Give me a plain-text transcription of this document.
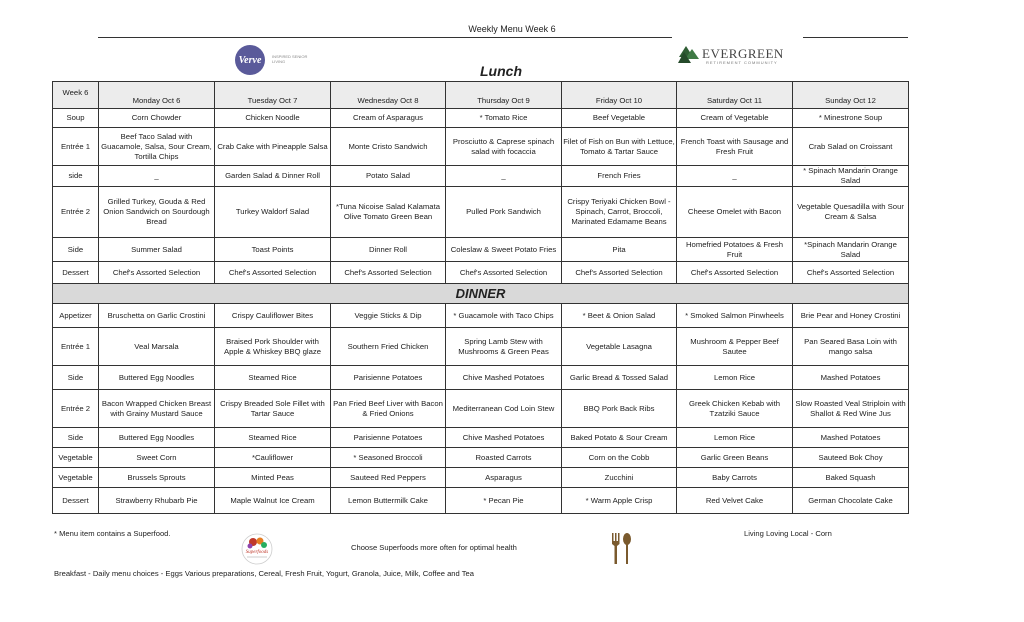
Weekly Menu Week 6
Verve	INSPIRED SENIOR LIVING
EVERGREEN
RETIREMENT COMMUNITY
Lunch
Week 6	Monday Oct 6	Tuesday Oct 7	Wednesday Oct 8	Thursday Oct 9	Friday Oct 10	Saturday Oct 11	Sunday Oct 12
Soup	Corn Chowder	Chicken Noodle	Cream of Asparagus	* Tomato Rice	Beef Vegetable	Cream of Vegetable	* Minestrone Soup
Entrée 1	Beef Taco Salad with Guacamole, Salsa, Sour Cream, Tortilla Chips	Crab Cake with Pineapple Salsa	Monte Cristo Sandwich	Prosciutto & Caprese spinach salad with focaccia	Filet of Fish on Bun with Lettuce, Tomato & Tartar Sauce	French Toast with Sausage and Fresh Fruit	Crab Salad on Croissant
side	_	Garden Salad & Dinner Roll	Potato Salad	_	French Fries	_	* Spinach Mandarin Orange Salad
Entrée 2	Grilled Turkey, Gouda & Red Onion Sandwich on Sourdough Bread	Turkey Waldorf Salad	*Tuna Nicoise Salad Kalamata Olive Tomato Green Bean	Pulled Pork Sandwich	Crispy Teriyaki Chicken Bowl - Spinach, Carrot, Broccoli, Marinated Edamame Beans	Cheese Omelet with Bacon	Vegetable Quesadilla with Sour Cream & Salsa
Side	Summer Salad	Toast Points	Dinner Roll	Coleslaw & Sweet Potato Fries	Pita	Homefried Potatoes & Fresh Fruit	*Spinach Mandarin Orange Salad
Dessert	Chef's Assorted Selection	Chef's Assorted Selection	Chef's Assorted Selection	Chef's Assorted Selection	Chef's Assorted Selection	Chef's Assorted Selection	Chef's Assorted Selection
DINNER							
Appetizer	Bruschetta on Garlic Crostini	Crispy Cauliflower Bites	Veggie Sticks & Dip	* Guacamole with Taco Chips	* Beet & Onion Salad	* Smoked Salmon Pinwheels	Brie Pear and Honey Crostini
Entrée 1	Veal Marsala	Braised Pork Shoulder with Apple & Whiskey BBQ glaze	Southern Fried Chicken	Spring Lamb Stew with Mushrooms & Green Peas	Vegetable Lasagna	Mushroom & Pepper Beef Sautee	Pan Seared Basa Loin with mango salsa
Side	Buttered Egg Noodles	Steamed Rice	Parisienne Potatoes	Chive Mashed Potatoes	Garlic Bread & Tossed Salad	Lemon Rice	Mashed Potatoes
Entrée 2	Bacon Wrapped Chicken Breast with Grainy Mustard Sauce	Crispy Breaded Sole Fillet with Tartar Sauce	Pan Fried Beef Liver with Bacon & Fried Onions	Mediterranean Cod Loin Stew	BBQ Pork Back Ribs	Greek Chicken Kebab with Tzatziki Sauce	Slow Roasted Veal Striploin with Shallot & Red Wine Jus
Side	Buttered Egg Noodles	Steamed Rice	Parisienne Potatoes	Chive Mashed Potatoes	Baked Potato & Sour Cream	Lemon Rice	Mashed Potatoes
Vegetable	Sweet Corn	*Cauliflower	* Seasoned Broccoli	Roasted Carrots	Corn on the Cobb	Garlic Green Beans	Sauteed Bok Choy
Vegetable	Brussels Sprouts	Minted Peas	Sauteed Red Peppers	Asparagus	Zucchini	Baby Carrots	Baked Squash
Dessert	Strawberry Rhubarb Pie	Maple Walnut Ice Cream	Lemon Buttermilk Cake	* Pecan Pie	* Warm Apple Crisp	Red Velvet Cake	German Chocolate Cake
* Menu item contains a Superfood.	Living Loving Local - Corn
Superfoods
Choose Superfoods more often for optimal health
Breakfast - Daily menu choices - Eggs Various preparations, Cereal, Fresh Fruit, Yogurt, Granola, Juice, Milk, Coffee and Tea
